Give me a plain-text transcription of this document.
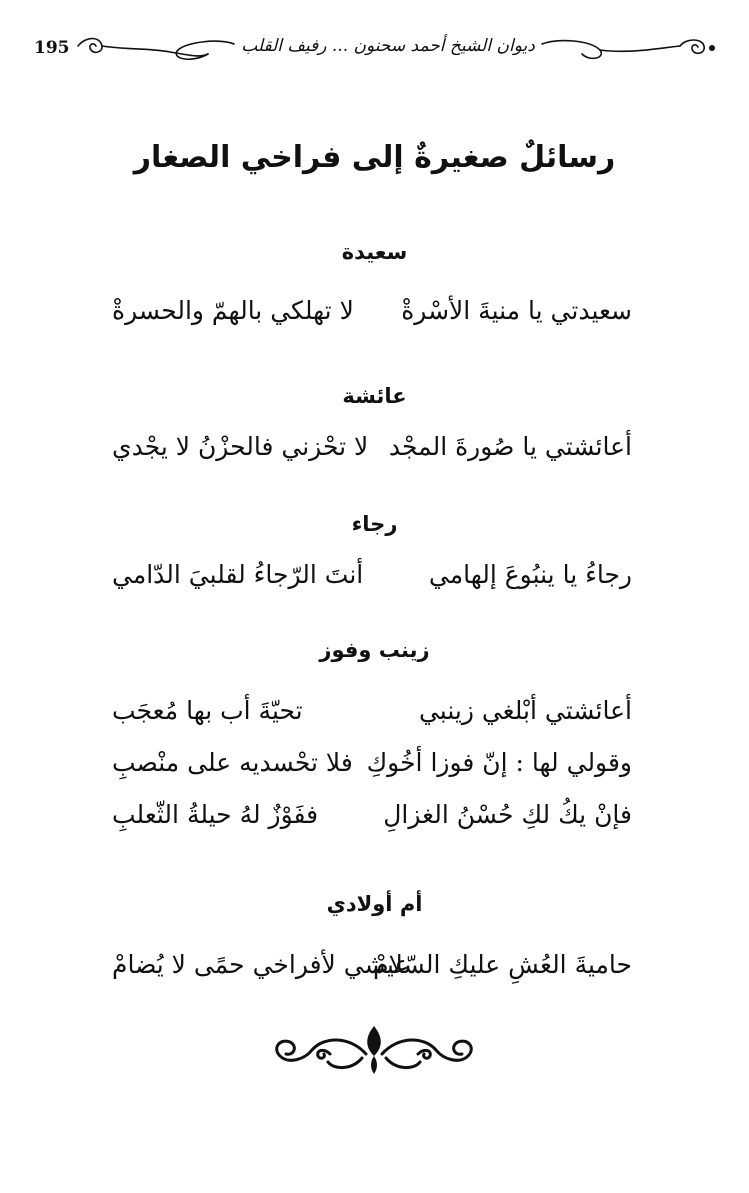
195	ديوان الشيخ أحمد سحنون ... رفيف القلب
رسائلٌ صغيرةٌ إلى فراخي الصغار
سعيدة
سعيدتي يا منيةَ الأسْرةْ
لا تهلكي بالهمّ والحسرةْ
عائشة
أعائشتي يا صُورةَ المجْد
لا تحْزني فالحزْنُ لا يجْدي
رجاء
رجاءُ يا ينبُوعَ إلهامي
أنتَ الرّجاءُ لقلبيَ الدّامي
زينب وفوز
أعائشتي أبْلغي زينبي
تحيّةَ أب بها مُعجَب
وقولي لها : إنّ فوزا أخُوكِ
فلا تحْسديه على منْصبِ
فإنْ يكُ لكِ حُسْنُ الغزالِ
ففَوْزٌ لهُ حيلةُ الثّعلبِ
أم أولادي
حاميةَ العُشِ عليكِ السّلامْ
عيشي لأفراخي حمًى لا يُضامْ
